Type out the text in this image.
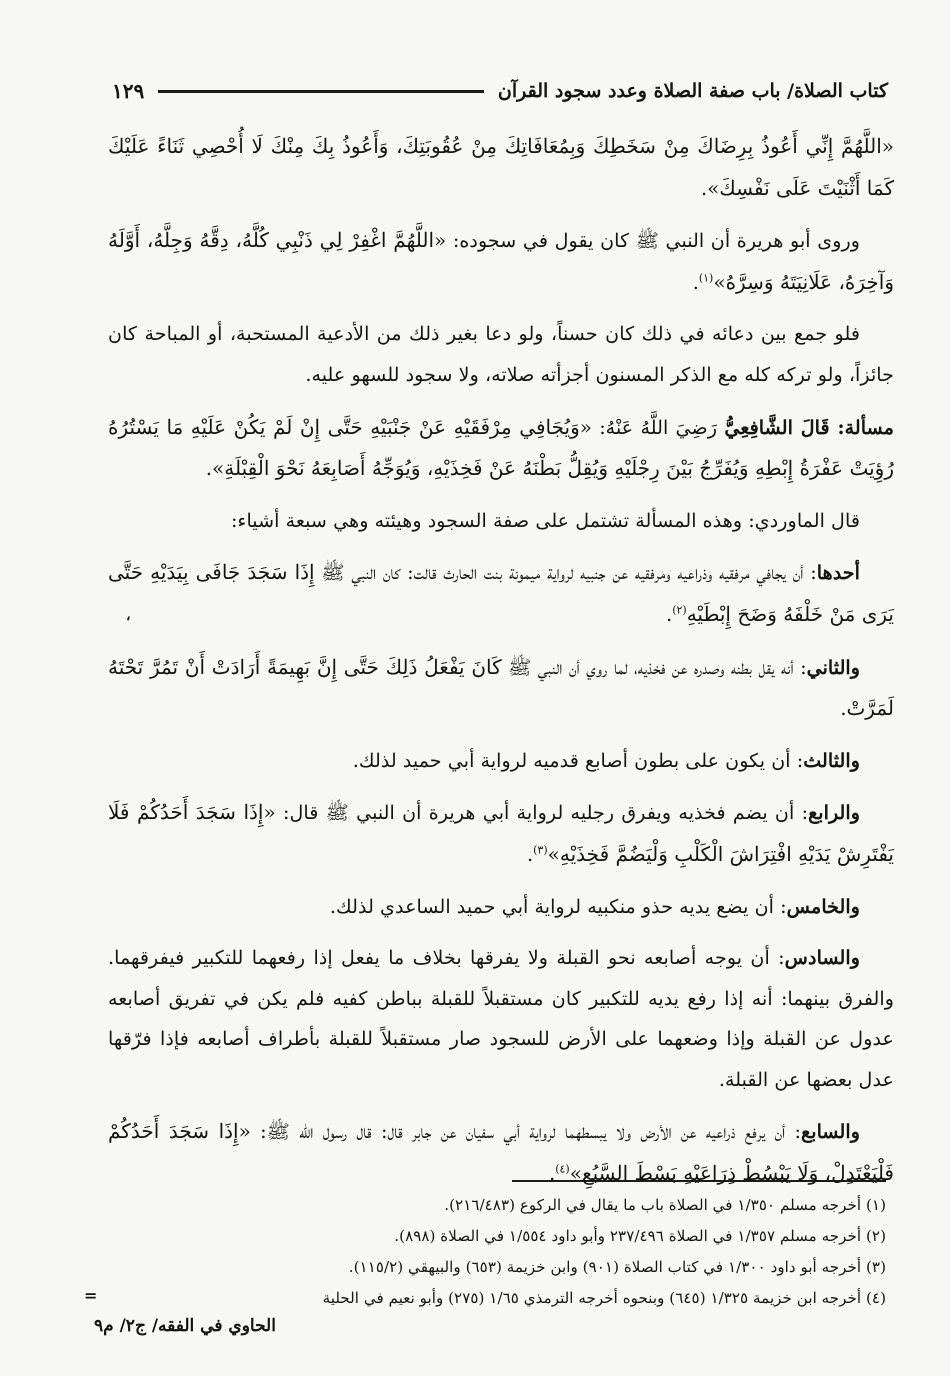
كتاب الصلاة/ باب صفة الصلاة وعدد سجود القرآن
١٢٩
،

«اللَّهُمَّ إِنِّي أَعُوذُ بِرِضَاكَ مِنْ سَخَطِكَ وَبِمُعَافَاتِكَ مِنْ عُقُوبَتِكَ، وَأَعُوذُ بِكَ مِنْكَ لَا أُحْصِي ثَنَاءً عَلَيْكَ كَمَا أَثْنَيْتَ عَلَى نَفْسِكَ».

وروى أبو هريرة أن النبي ﷺ كان يقول في سجوده: «اللَّهُمَّ اغْفِرْ لِي ذَنْبِي كُلَّهُ، دِقَّهُ وَجِلَّهُ، أَوَّلَهُ وَآخِرَهُ، عَلَانِيَتَهُ وَسِرَّهُ»$^{(١)}$.

فلو جمع بين دعائه في ذلك كان حسناً، ولو دعا بغير ذلك من الأدعية المستحبة، أو المباحة كان جائزاً، ولو تركه كله مع الذكر المسنون أجزأته صلاته، ولا سجود للسهو عليه.

مسألة: قَالَ الشَّافِعِيُّ رَضِيَ اللَّهُ عَنْهُ: «وَيُجَافِي مِرْفَقَيْهِ عَنْ جَنْبَيْهِ حَتَّى إِنْ لَمْ يَكُنْ عَلَيْهِ مَا يَسْتُرُهُ رُؤِيَتْ عَفْرَةُ إِبْطِهِ وَيُفَرِّجُ بَيْنَ رِجْلَيْهِ وَيُقِلُّ بَطْنَهُ عَنْ فَخِذَيْهِ، وَيُوَجِّهُ أَصَابِعَهُ نَحْوَ الْقِبْلَةِ».

قال الماوردي: وهذه المسألة تشتمل على صفة السجود وهيئته وهي سبعة أشياء:

أحدها: أن يجافي مرفقيه وذراعيه ومرفقيه عن جنبيه لرواية ميمونة بنت الحارث قالت: كان النبي ﷺ إِذَا سَجَدَ جَافَى بِيَدَيْهِ حَتَّى يَرَى مَنْ خَلْفَهُ وَضَحَ إِبْطَيْهِ$^{(٢)}$.

والثاني: أنه يقل بطنه وصدره عن فخذيه، لما روي أن النبي ﷺ كَانَ يَفْعَلُ ذَلِكَ حَتَّى إِنَّ بَهِيمَةً أَرَادَتْ أَنْ تَمُرَّ تَحْتَهُ لَمَرَّتْ.

والثالث: أن يكون على بطون أصابع قدميه لرواية أبي حميد لذلك.

والرابع: أن يضم فخذيه ويفرق رجليه لرواية أبي هريرة أن النبي ﷺ قال: «إِذَا سَجَدَ أَحَدُكُمْ فَلَا يَفْتَرِشْ يَدَيْهِ افْتِرَاشَ الْكَلْبِ وَلْيَضُمَّ فَخِذَيْهِ»$^{(٣)}$.

والخامس: أن يضع يديه حذو منكبيه لرواية أبي حميد الساعدي لذلك.

والسادس: أن يوجه أصابعه نحو القبلة ولا يفرقها بخلاف ما يفعل إذا رفعهما للتكبير فيفرقهما. والفرق بينهما: أنه إذا رفع يديه للتكبير كان مستقبلاً للقبلة بباطن كفيه فلم يكن في تفريق أصابعه عدول عن القبلة وإذا وضعهما على الأرض للسجود صار مستقبلاً للقبلة بأطراف أصابعه فإذا فرّقها عدل بعضها عن القبلة.

والسابع: أن يرفع ذراعيه عن الأرض ولا يبسطهما لرواية أبي سفيان عن جابر قال: قال رسول الله ﷺ: «إِذَا سَجَدَ أَحَدُكُمْ فَلْيَعْتَدِلْ، وَلَا يَبْسُطْ ذِرَاعَيْهِ بَسْطَ السَّبُعِ»$^{(٤)}$.

(١) أخرجه مسلم ١/٣٥٠ في الصلاة باب ما يقال في الركوع (٢١٦/٤٨٣).
(٢) أخرجه مسلم ١/٣٥٧ في الصلاة ٢٣٧/٤٩٦ وأبو داود ١/٥٥٤ في الصلاة (٨٩٨).
(٣) أخرجه أبو داود ١/٣٠٠ في كتاب الصلاة (٩٠١) وابن خزيمة (٦٥٣) والبيهقي (١١٥/٢).
(٤) أخرجه ابن خزيمة ١/٣٢٥ (٦٤٥) وبنحوه أخرجه الترمذي ١/٦٥ (٢٧٥) وأبو نعيم في الحلية
=
الحاوي في الفقه/ ج٢/ م٩
